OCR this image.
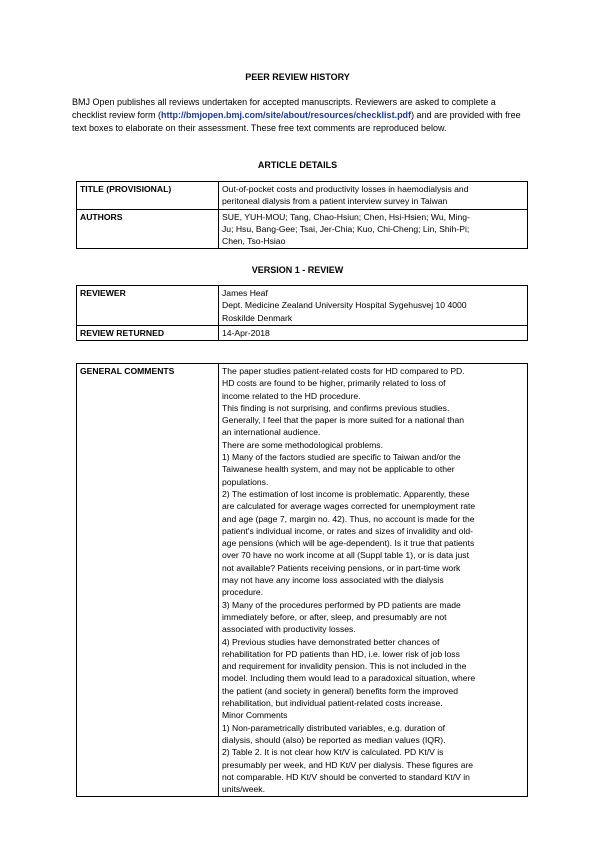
PEER REVIEW HISTORY
BMJ Open publishes all reviews undertaken for accepted manuscripts. Reviewers are asked to complete a checklist review form (http://bmjopen.bmj.com/site/about/resources/checklist.pdf) and are provided with free text boxes to elaborate on their assessment. These free text comments are reproduced below.
ARTICLE DETAILS
TITLE (PROVISIONAL)	Out-of-pocket costs and productivity losses in haemodialysis and
peritoneal dialysis from a patient interview survey in Taiwan

AUTHORS	SUE, YUH-MOU; Tang, Chao-Hsiun; Chen, Hsi-Hsien; Wu, Ming-
Ju; Hsu, Bang-Gee; Tsai, Jer-Chia; Kuo, Chi-Cheng; Lin, Shih-Pi;
Chen, Tso-Hsiao
VERSION 1 - REVIEW
REVIEWER	James Heaf
Dept. Medicine Zealand University Hospital Sygehusvej 10 4000
Roskilde Denmark

REVIEW RETURNED	14-Apr-2018
GENERAL COMMENTS	The paper studies patient-related costs for HD compared to PD.
HD costs are found to be higher, primarily related to loss of
income related to the HD procedure.
This finding is not surprising, and confirms previous studies.
Generally, I feel that the paper is more suited for a national than
an international audience.
There are some methodological problems.
1) Many of the factors studied are specific to Taiwan and/or the
Taiwanese health system, and may not be applicable to other
populations.
2) The estimation of lost income is problematic. Apparently, these
are calculated for average wages corrected for unemployment rate
and age (page 7, margin no. 42). Thus, no account is made for the
patient's individual income, or rates and sizes of invalidity and old-
age pensions (which will be age-dependent). Is it true that patients
over 70 have no work income at all (Suppl table 1), or is data just
not available? Patients receiving pensions, or in part-time work
may not have any income loss associated with the dialysis
procedure.
3) Many of the procedures performed by PD patients are made
immediately before, or after, sleep, and presumably are not
associated with productivity losses.
4) Previous studies have demonstrated better chances of
rehabilitation for PD patients than HD, i.e. lower risk of job loss
and requirement for invalidity pension. This is not included in the
model. Including them would lead to a paradoxical situation, where
the patient (and society in general) benefits form the improved
rehabilitation, but individual patient-related costs increase.
Minor Comments
1) Non-parametrically distributed variables, e.g. duration of
dialysis, should (also) be reported as median values (IQR).
2) Table 2. It is not clear how Kt/V is calculated. PD Kt/V is
presumably per week, and HD Kt/V per dialysis. These figures are
not comparable. HD Kt/V should be converted to standard Kt/V in
units/week.
